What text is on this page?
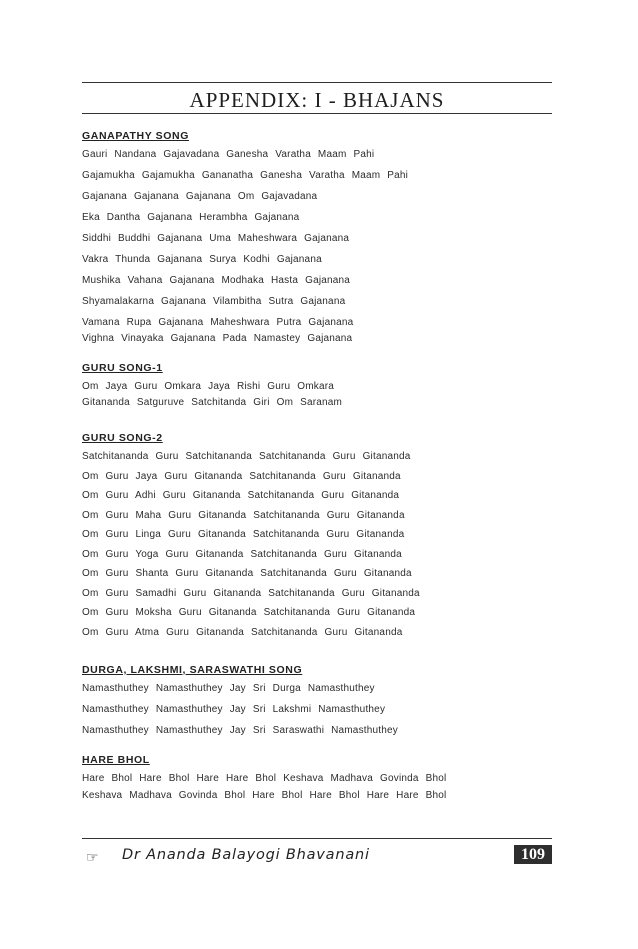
APPENDIX: I - BHAJANS
GANAPATHY SONG
Gauri Nandana Gajavadana Ganesha Varatha Maam Pahi
Gajamukha Gajamukha Gananatha Ganesha Varatha Maam Pahi
Gajanana Gajanana Gajanana Om Gajavadana
Eka Dantha Gajanana Herambha Gajanana
Siddhi Buddhi Gajanana Uma Maheshwara Gajanana
Vakra Thunda Gajanana Surya Kodhi Gajanana
Mushika Vahana Gajanana Modhaka Hasta Gajanana
Shyamalakarna Gajanana Vilambitha Sutra Gajanana
Vamana Rupa Gajanana Maheshwara Putra Gajanana
Vighna Vinayaka Gajanana Pada Namastey Gajanana
GURU SONG-1
Om Jaya Guru Omkara Jaya Rishi Guru Omkara
Gitananda Satguruve Satchitanda Giri Om Saranam
GURU SONG-2
Satchitananda Guru Satchitananda Satchitananda Guru Gitananda
Om Guru Jaya Guru Gitananda Satchitananda Guru Gitananda
Om Guru Adhi Guru Gitananda Satchitananda Guru Gitananda
Om Guru Maha Guru Gitananda Satchitananda Guru Gitananda
Om Guru Linga Guru Gitananda Satchitananda Guru Gitananda
Om Guru Yoga Guru Gitananda Satchitananda Guru Gitananda
Om Guru Shanta Guru Gitananda Satchitananda Guru Gitananda
Om Guru Samadhi Guru Gitananda Satchitananda Guru Gitananda
Om Guru Moksha Guru Gitananda Satchitananda Guru Gitananda
Om Guru Atma Guru Gitananda Satchitananda Guru Gitananda
DURGA, LAKSHMI, SARASWATHI SONG
Namasthuthey Namasthuthey Jay Sri Durga Namasthuthey
Namasthuthey Namasthuthey Jay Sri Lakshmi Namasthuthey
Namasthuthey Namasthuthey Jay Sri Saraswathi Namasthuthey
HARE BHOL
Hare Bhol Hare Bhol Hare Hare Bhol Keshava Madhava Govinda Bhol
Keshava Madhava Govinda Bhol Hare Bhol Hare Bhol Hare Hare Bhol
☞ Dr Ananda Balayogi Bhavanani	109
